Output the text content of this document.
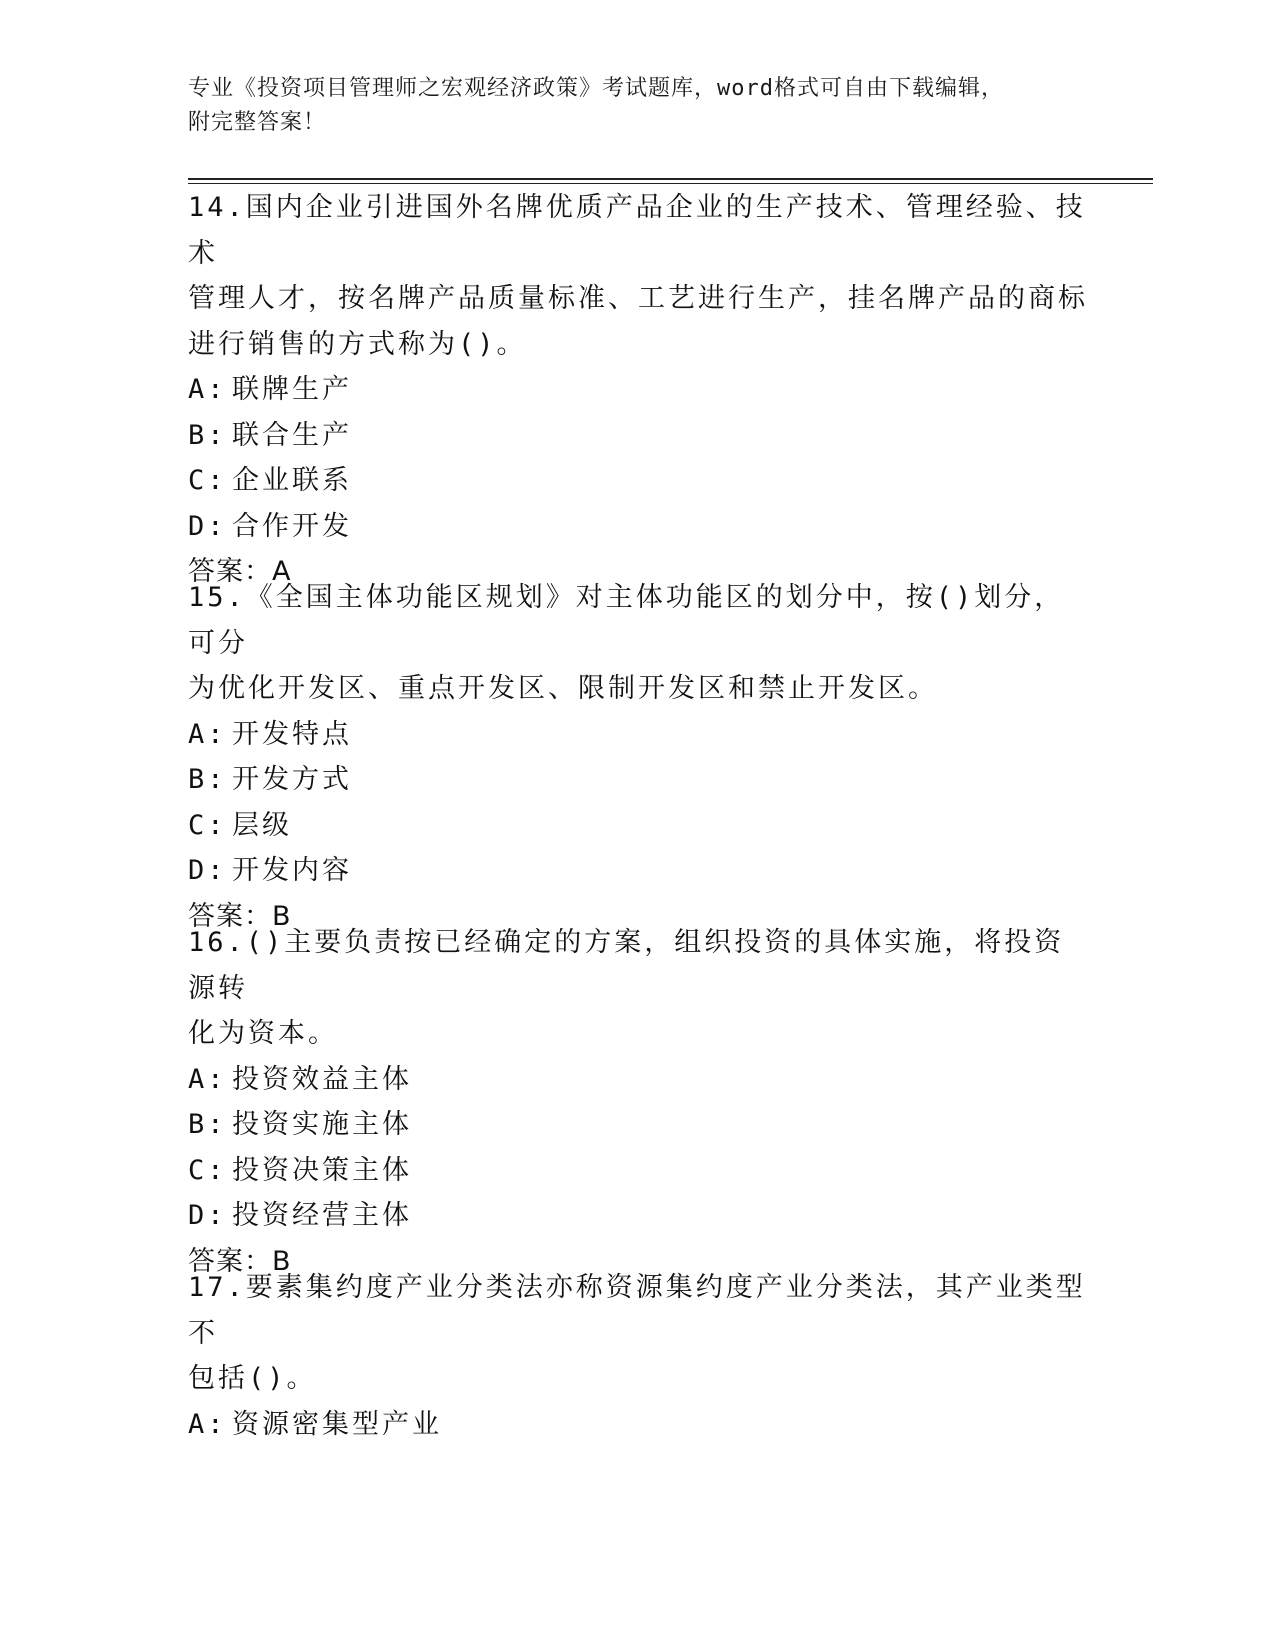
专业《投资项目管理师之宏观经济政策》考试题库，word格式可自由下载编辑，
附完整答案！

14.国内企业引进国外名牌优质产品企业的生产技术、管理经验、技术

管理人才，按名牌产品质量标准、工艺进行生产，挂名牌产品的商标

进行销售的方式称为()。

A: 联牌生产

B: 联合生产

C: 企业联系

D: 合作开发

答案：A

15.《全国主体功能区规划》对主体功能区的划分中，按()划分，可分

为优化开发区、重点开发区、限制开发区和禁止开发区。

A: 开发特点

B: 开发方式

C: 层级

D: 开发内容

答案：B

16.()主要负责按已经确定的方案，组织投资的具体实施，将投资源转

化为资本。

A: 投资效益主体

B: 投资实施主体

C: 投资决策主体

D: 投资经营主体

答案：B

17.要素集约度产业分类法亦称资源集约度产业分类法，其产业类型不

包括()。

A: 资源密集型产业
